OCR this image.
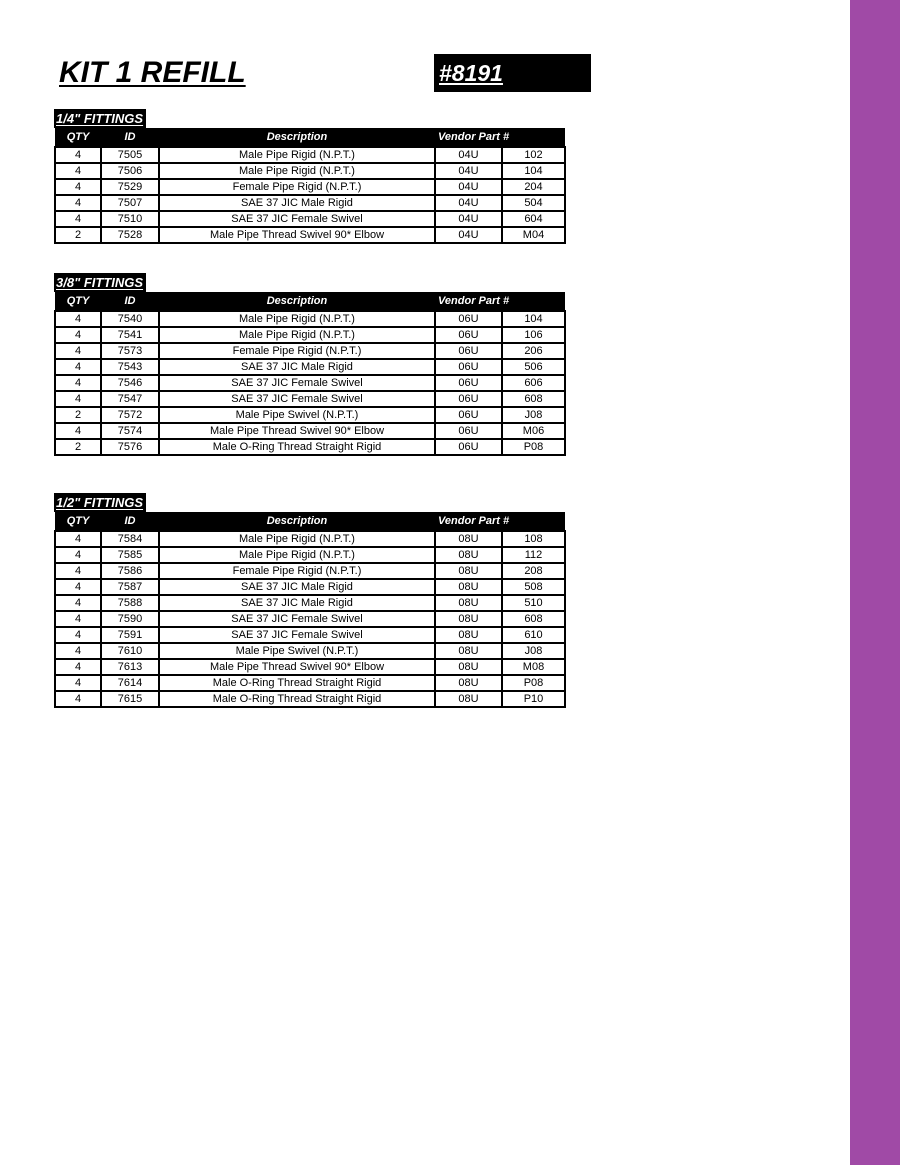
KIT 1 REFILL	#8191
1/4" FITTINGS
QTY	ID	Description	Vendor Part #	
4	7505	Male Pipe Rigid (N.P.T.)	04U	102
4	7506	Male Pipe Rigid (N.P.T.)	04U	104
4	7529	Female Pipe Rigid (N.P.T.)	04U	204
4	7507	SAE 37 JIC Male Rigid	04U	504
4	7510	SAE 37 JIC Female Swivel	04U	604
2	7528	Male Pipe Thread Swivel 90* Elbow	04U	M04
3/8" FITTINGS
QTY	ID	Description	Vendor Part #	
4	7540	Male Pipe Rigid (N.P.T.)	06U	104
4	7541	Male Pipe Rigid (N.P.T.)	06U	106
4	7573	Female Pipe Rigid (N.P.T.)	06U	206
4	7543	SAE 37 JIC Male Rigid	06U	506
4	7546	SAE 37 JIC Female Swivel	06U	606
4	7547	SAE 37 JIC Female Swivel	06U	608
2	7572	Male Pipe Swivel (N.P.T.)	06U	J08
4	7574	Male Pipe Thread Swivel 90* Elbow	06U	M06
2	7576	Male O-Ring Thread Straight Rigid	06U	P08
1/2" FITTINGS
QTY	ID	Description	Vendor Part #	
4	7584	Male Pipe Rigid (N.P.T.)	08U	108
4	7585	Male Pipe Rigid (N.P.T.)	08U	112
4	7586	Female Pipe Rigid (N.P.T.)	08U	208
4	7587	SAE 37 JIC Male Rigid	08U	508
4	7588	SAE 37 JIC Male Rigid	08U	510
4	7590	SAE 37 JIC Female Swivel	08U	608
4	7591	SAE 37 JIC Female Swivel	08U	610
4	7610	Male Pipe Swivel (N.P.T.)	08U	J08
4	7613	Male Pipe Thread Swivel 90* Elbow	08U	M08
4	7614	Male O-Ring Thread Straight Rigid	08U	P08
4	7615	Male O-Ring Thread Straight Rigid	08U	P10
